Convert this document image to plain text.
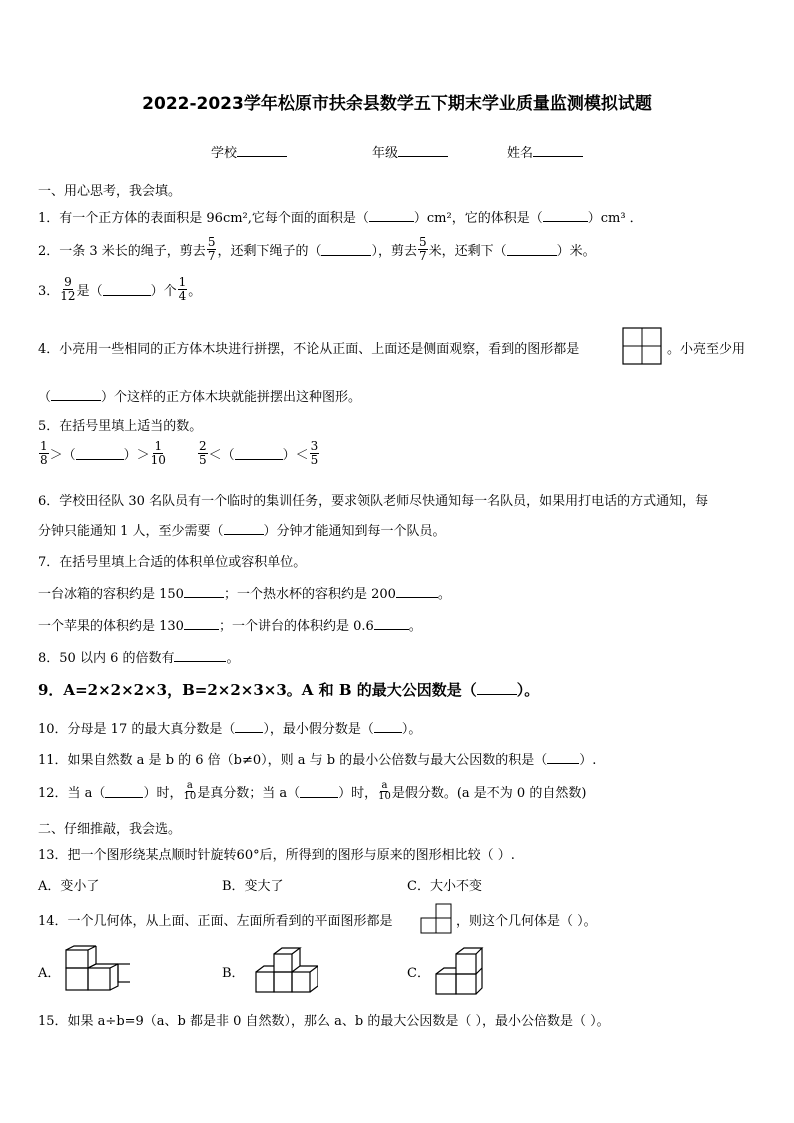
2022-2023学年松原市扶余县数学五下期末学业质量监测模拟试题
学校	年级	姓名
一、用心思考，我会填。
1．有一个正方体的表面积是 96cm²,它每个面的面积是（	）cm²，它的体积是（	）cm³ ．
2．一条 3 米长的绳子，剪去 $\frac{5}{7}$ ，还剩下绳子的（	），剪去 $\frac{5}{7}$ 米，还剩下（	）米。
3． $\frac{9}{12}$ 是（	）个 $\frac{1}{4}$ 。
4．小亮用一些相同的正方体木块进行拼摆，不论从正面、上面还是侧面观察，看到的图形都是	。小亮至少用
（	）个这样的正方体木块就能拼摆出这种图形。
5．在括号里填上适当的数。
$\frac{1}{8}$ ＞（	）＞ $\frac{1}{10}$	$\frac{2}{5}$ ＜（	）＜ $\frac{3}{5}$
6．学校田径队 30 名队员有一个临时的集训任务，要求领队老师尽快通知每一名队员，如果用打电话的方式通知，每
分钟只能通知 1 人，至少需要（	）分钟才能通知到每一个队员。
7．在括号里填上合适的体积单位或容积单位。
一台冰箱的容积约是 150	；一个热水杯的容积约是 200	。
一个苹果的体积约是 130	；一个讲台的体积约是 0.6	。
8．50 以内 6 的倍数有	。
9．A=2×2×2×3，B=2×2×3×3。A 和 B 的最大公因数是（	）。
10．分母是 17 的最大真分数是（ ），最小假分数是（ ）。
11．如果自然数 a 是 b 的 6 倍（b≠0），则 a 与 b 的最小公倍数与最大公因数的积是（ ）.
12．当 a（	）时， $\frac{a}{10}$ 是真分数；当 a（	）时， $\frac{a}{10}$ 是假分数。(a 是不为 0 的自然数)
二、仔细推敲，我会选。
13．把一个图形绕某点顺时针旋转60°后，所得到的图形与原来的图形相比较（ ）.
A．变小了	B．变大了	C．大小不变
14．一个几何体，从上面、正面、左面所看到的平面图形都是	，则这个几何体是（ ）。
A．	B．	C．
15．如果 a÷b=9（a、b 都是非 0 自然数），那么 a、b 的最大公因数是（ ），最小公倍数是（ ）。
